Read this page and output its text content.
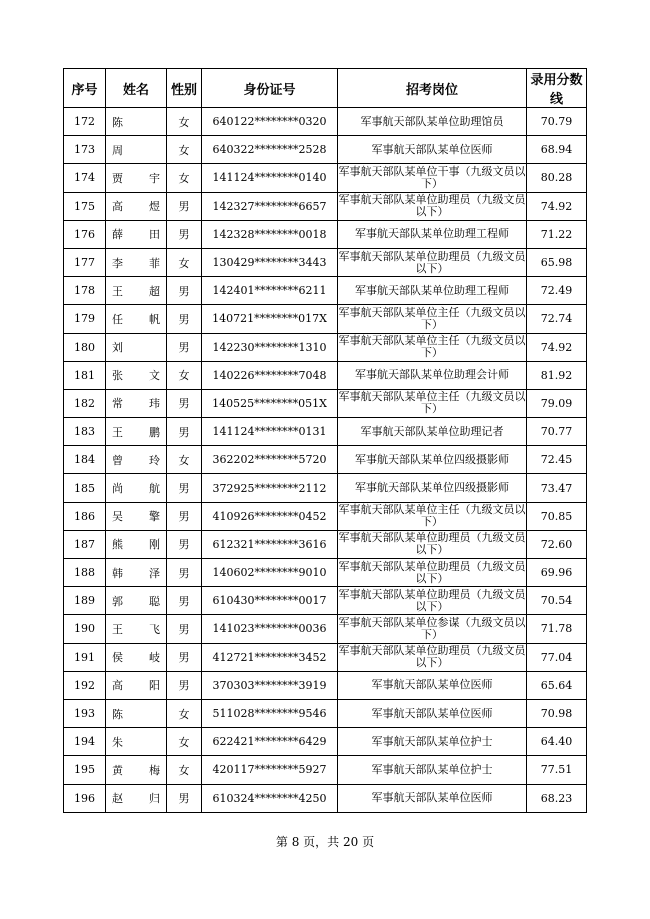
序号	姓名	性别	身份证号	招考岗位	录用分数线
172	陈	女	640122********0320	军事航天部队某单位助理馆员	70.79
173	周	女	640322********2528	军事航天部队某单位医师	68.94
174	贾 宇	女	141124********0140	军事航天部队某单位干事（九级文员以下）	80.28
175	高 煜	男	142327********6657	军事航天部队某单位助理员（九级文员以下）	74.92
176	薛 田	男	142328********0018	军事航天部队某单位助理工程师	71.22
177	李 菲	女	130429********3443	军事航天部队某单位助理员（九级文员以下）	65.98
178	王 超	男	142401********6211	军事航天部队某单位助理工程师	72.49
179	任 帆	男	140721********017X	军事航天部队某单位主任（九级文员以下）	72.74
180	刘	男	142230********1310	军事航天部队某单位主任（九级文员以下）	74.92
181	张 文	女	140226********7048	军事航天部队某单位助理会计师	81.92
182	常 玮	男	140525********051X	军事航天部队某单位主任（九级文员以下）	79.09
183	王 鹏	男	141124********0131	军事航天部队某单位助理记者	70.77
184	曾 玲	女	362202********5720	军事航天部队某单位四级摄影师	72.45
185	尚 航	男	372925********2112	军事航天部队某单位四级摄影师	73.47
186	吴 擎	男	410926********0452	军事航天部队某单位主任（九级文员以下）	70.85
187	熊 刚	男	612321********3616	军事航天部队某单位助理员（九级文员以下）	72.60
188	韩 泽	男	140602********9010	军事航天部队某单位助理员（九级文员以下）	69.96
189	郭 聪	男	610430********0017	军事航天部队某单位助理员（九级文员以下）	70.54
190	王 飞	男	141023********0036	军事航天部队某单位参谋（九级文员以下）	71.78
191	侯 岐	男	412721********3452	军事航天部队某单位助理员（九级文员以下）	77.04
192	高 阳	男	370303********3919	军事航天部队某单位医师	65.64
193	陈	女	511028********9546	军事航天部队某单位医师	70.98
194	朱	女	622421********6429	军事航天部队某单位护士	64.40
195	黄 梅	女	420117********5927	军事航天部队某单位护士	77.51
196	赵 归	男	610324********4250	军事航天部队某单位医师	68.23
第 8 页，共 20 页
